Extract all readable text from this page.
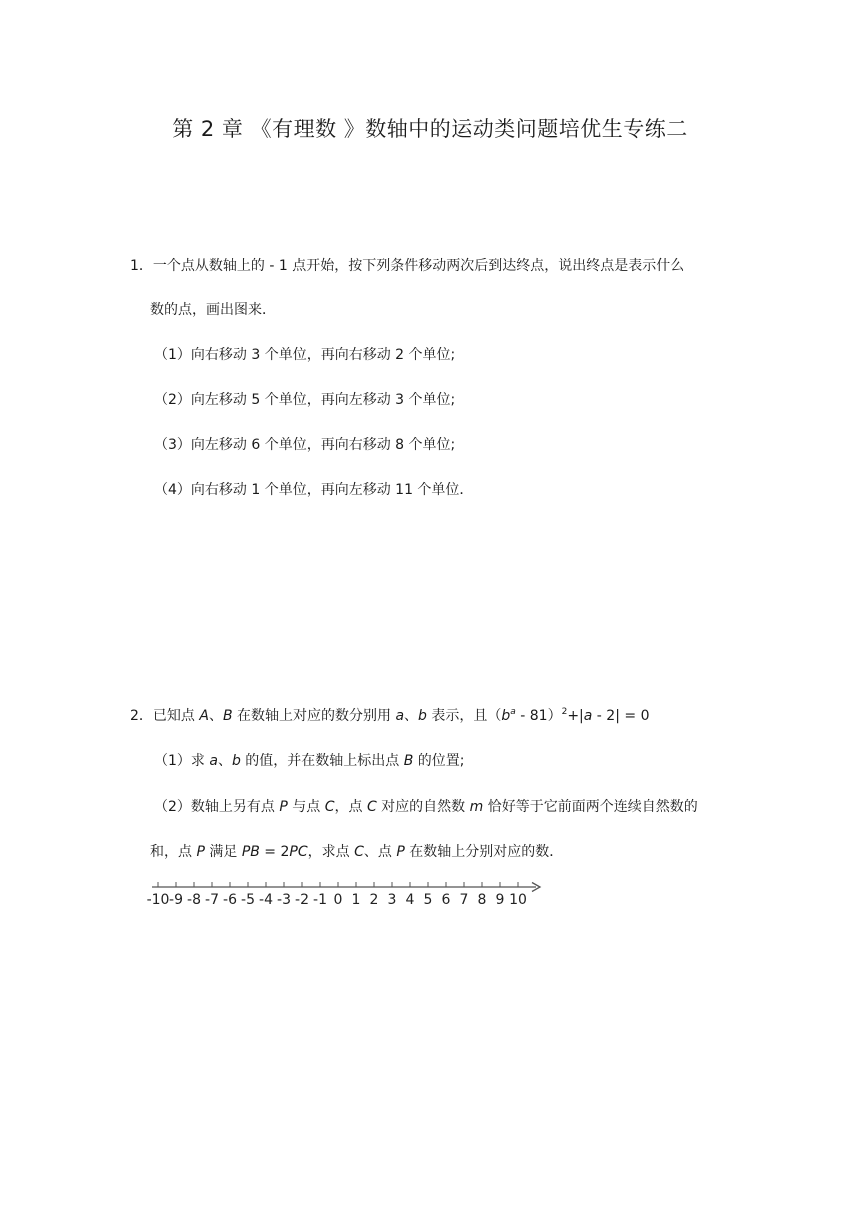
第 2 章 《有理数 》数轴中的运动类问题培优生专练二
1．一个点从数轴上的 - 1 点开始，按下列条件移动两次后到达终点，说出终点是表示什么
数的点，画出图来．
（1）向右移动 3 个单位，再向右移动 2 个单位;
（2）向左移动 5 个单位，再向左移动 3 个单位;
（3）向左移动 6 个单位，再向右移动 8 个单位;
（4）向右移动 1 个单位，再向左移动 11 个单位．
2．已知点 A、B 在数轴上对应的数分别用 a、b 表示，且$(b^a - 81)^2+|a - 2| = 0$
（1）求 a、b 的值，并在数轴上标出点 B 的位置;
（2）数轴上另有点 P 与点 C，点 C 对应的自然数 m 恰好等于它前面两个连续自然数的
和，点 P 满足 PB = 2PC，求点 C、点 P 在数轴上分别对应的数．
-10 -9 -8 -7 -6 -5 -4 -3 -2 -1 0 1 2 3 4 5 6 7 8 9 10
